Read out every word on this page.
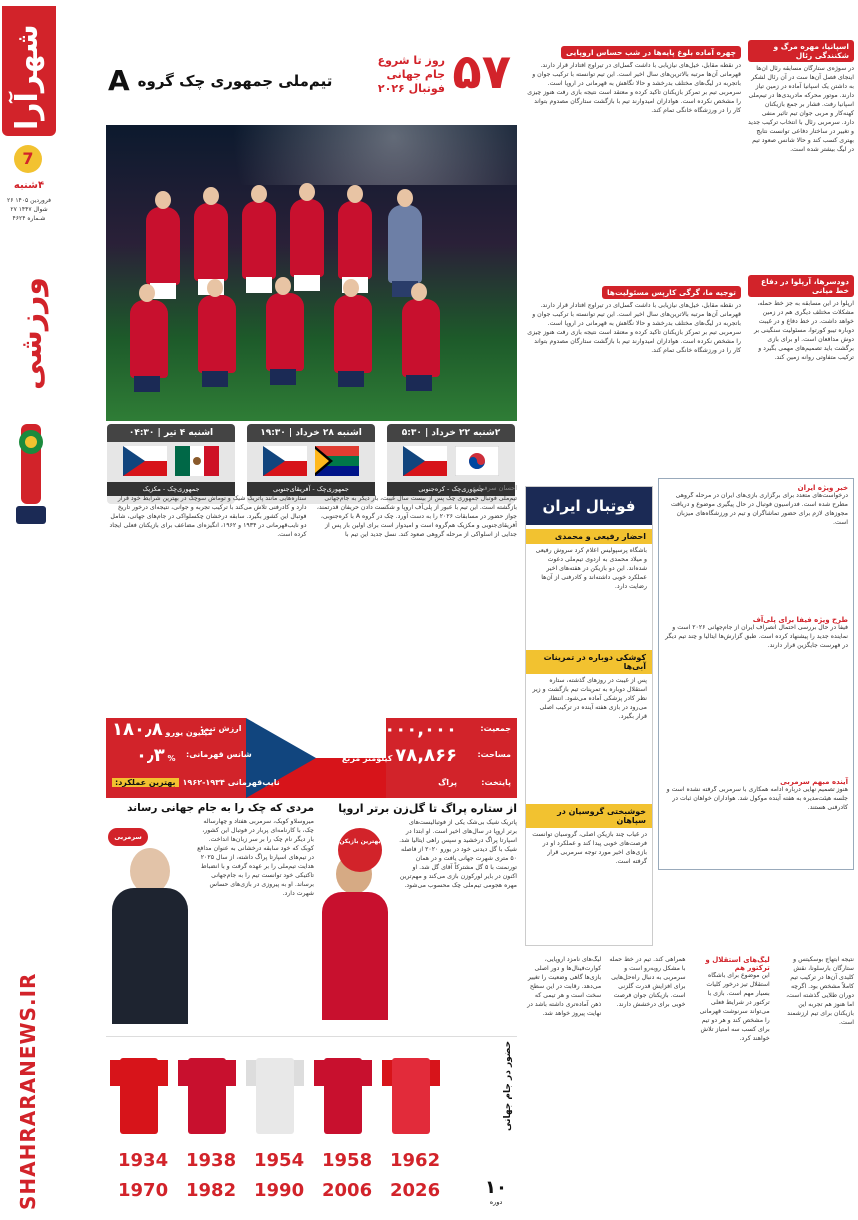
شهرآرا
7
۴شنبه
۲۶ فروردین ۱۴۰۵
۲۷ شوال ۱۴۴۷
شـماره ۴۶۲۴
ورزشی
SHAHRARANEWS.IR
۵۷
روز تا شروع
جام جهانی
فوتبال ۲۰۲۶
تیم‌ملی جمهوری چک گروه
A
۲شنبه ۲۲ خرداد | ۵:۳۰
جمهوری‌چک - کره‌جنوبی
اشنبه ۲۸ خرداد | ۱۹:۳۰
جمهوری‌چک - آفریقای‌جنوبی
اشنبه ۴ تیر | ۰۴:۳۰
جمهوری‌چک - مکزیک
اسپانیا، مهره مرگ و شکنندگی رئال
در سوژه‌ی ستارگان مسابقه رئال آن‌ها اینجای فصل آن‌ها ست در آن رئال لشکر به داشتن یک اسپانیا آماده در زمین تیاز دارند. موتور محرکه مادریدی‌ها در تیم‌ملی اسپانیا رفت. فشار بر جمع بازیکنان کهنه‌کار و مربی جوان تیم تاثیر منفی دارد. سرمربی رئال با انتخاب ترکیب جدید و تغییر در ساختار دفاعی توانست نتایج بهتری کسب کند و حالا شانس صعود تیم در لیگ بیشتر شده است.
دودسرها، آرپلوا در دفاع خط میانی
آرپلوا در این مسابقه به جز خط حمله، مشکلات مختلف دیگری هم در زمین خواهد داشت. در خط دفاع و در غیبت دوباره تیبو کورتوا، مسئولیت سنگینی بر دوش مدافعان است. او برای بازی برگشت باید تصمیم‌های مهمی بگیرد و ترکیب متفاوتی روانه زمین کند.
چهره آماده بلوغ پایه‌ها در شب حساس اروپایی
در نقطه مقابل، خیل‌های نیازیابی با داشت گسل‌ای در تیراوج افتادار قرار دارند. قهرمانی آن‌ها مرتبه بالاترین‌های سال اخیر است. این تیم توانسته با ترکیب جوان و باتجربه در لیگ‌های مختلف بدرخشد و حالا نگاهش به قهرمانی در اروپا است. سرمربی تیم بر تمرکز بازیکنان تاکید کرده و معتقد است نتیجه بازی رفت هنوز چیزی را مشخص نکرده است. هواداران امیدوارند تیم با بازگشت ستارگان مصدوم بتواند کار را در ورزشگاه خانگی تمام کند.
توجیه ما، گرگی کارپس مسئولیت‌ها
در نقطه مقابل، خیل‌های نیازیابی با داشت گسل‌ای در تیراوج افتادار قرار دارند. قهرمانی آن‌ها مرتبه بالاترین‌های سال اخیر است. این تیم توانسته با ترکیب جوان و باتجربه در لیگ‌های مختلف بدرخشد و حالا نگاهش به قهرمانی در اروپا است. سرمربی تیم بر تمرکز بازیکنان تاکید کرده و معتقد است نتیجه بازی رفت هنوز چیزی را مشخص نکرده است. هواداران امیدوارند تیم با بازگشت ستارگان مصدوم بتواند کار را در ورزشگاه خانگی تمام کند.
فوتبال ایران
احضار رفیعی و محمدی
باشگاه پرسپولیس اعلام کرد سروش رفیعی و میلاد محمدی به اردوی تیم‌ملی دعوت شده‌اند. این دو بازیکن در هفته‌های اخیر عملکرد خوبی داشته‌اند و کادرفنی از آن‌ها رضایت دارد.
کوشکی دوباره در تمرینات آبی‌ها
پس از غیبت در روزهای گذشته، ستاره استقلال دوباره به تمرینات تیم بازگشت و زیر نظر کادر پزشکی آماده می‌شود. انتظار می‌رود در بازی هفته آینده در ترکیب اصلی قرار بگیرد.
خوشبختی گروسیان در سپاهان
در غیاب چند بازیکن اصلی، گروسیان توانست فرصت‌های خوبی پیدا کند و عملکرد او در بازی‌های اخیر مورد توجه سرمربی قرار گرفته است.
خبر ویژه ایران
درخواست‌های متعدد برای برگزاری بازی‌های ایران در مرحله گروهی مطرح شده است. فدراسیون فوتبال در حال پیگیری موضوع و دریافت مجوزهای لازم برای حضور تماشاگران و تیم در ورزشگاه‌های میزبان است.
طرح ویژه فیفا برای پلی‌آف
فیفا در حال بررسی احتمال انصراف ایران از جام‌جهانی ۲۰۲۶ است و نماینده جدید را پیشنهاد کرده است. طبق گزارش‌ها ایتالیا و چند تیم دیگر در فهرست جایگزین قرار دارند.
آینده مبهم سرمربی
هنوز تصمیم نهایی درباره ادامه همکاری با سرمربی گرفته نشده است و جلسه هیئت‌مدیره به هفته آینده موکول شد. هواداران خواهان ثبات در کادرفنی هستند.
احسان سرفرازی
تیم‌ملی فوتبال جمهوری چک پس از بیست سال غیبت، بار دیگر به جام‌جهانی بازگشته است. این تیم با عبور از پلی‌آف اروپا و شکست دادن حریفان قدرتمند، جواز حضور در مسابقات ۲۰۲۶ را به دست آورد. چک در گروه A با کره‌جنوبی، آفریقای‌جنوبی و مکزیک هم‌گروه است و امیدوار است برای اولین بار پس از جدایی از اسلواکی از مرحله گروهی صعود کند. نسل جدید این تیم با ستاره‌هایی مانند پاتریک شیک و توماش سوچک در بهترین شرایط خود قرار دارد و کادرفنی تلاش می‌کند با ترکیب تجربه و جوانی، نتیجه‌ای درخور تاریخ فوتبال این کشور بگیرد. سابقه درخشان چکسلواکی در جام‌های جهانی، شامل دو نایب‌قهرمانی در ۱۹۳۴ و ۱۹۶۲، انگیزه‌ای مضاعف برای بازیکنان فعلی ایجاد کرده است.
جمعیت:
۱۱,۰۰۰,۰۰۰ نفر
مساحت:
۷۸,۸۶۶ کیلومتر مربع
پایتخت:
پراگ
ارزش تیم:
۱۸۰٫۸ میلیون یورو
شانس قهرمانی:
۰٫۳ %
نایب‌قهرمانی ۱۹۳۴-۱۹۶۲
بهترین عملکرد:
از ستاره پراگ تا گل‌زن برتر اروپا
پاتریک شیک بی‌شک یکی از فوتبالیست‌های برتر اروپا در سال‌های اخیر است. او ابتدا در اسپارتا پراگ درخشید و سپس راهی ایتالیا شد. شیک با گل دیدنی خود در یورو ۲۰۲۰ از فاصله ۵۰ متری شهرت جهانی یافت و در همان تورنمنت با ۵ گل مشترکاً آقای گل شد. او اکنون در بایر لورکوزن بازی می‌کند و مهم‌ترین مهره هجومی تیم‌ملی چک محسوب می‌شود.
بهترین بازیکن
مردی که چک را به جام جهانی رساند
میروسلاو کوبک، سرمربی هفتاد و چهارساله چک، با کارنامه‌ای پربار در فوتبال این کشور، بار دیگر نام چک را بر سر زبان‌ها انداخت. کوبک که خود سابقه درخشانی به عنوان مدافع در تیم‌های اسپارتا پراگ داشته، از سال ۲۰۲۵ هدایت تیم‌ملی را بر عهده گرفت و با انضباط تاکتیکی خود توانست تیم را به جام‌جهانی برساند. او به پیروزی در بازی‌های حساس شهرت دارد.
سرمربی
نتیجه ابتهاج بوسکیتس و ستارگان بارسلونا، نقش کلیدی آن‌ها در ترکیب تیم کاملاً مشخص بود. اگرچه دوران طلایی گذشته است، اما هنوز هم تجربه این بازیکنان برای تیم ارزشمند است.
لیگ‌های استقلال و ترکتور هم
این موضوع برای باشگاه استقلال تیز درخور کلیات بسیار مهم است. بازی با ترکتور در شرایط فعلی می‌تواند سرنوشت قهرمانی را مشخص کند و هر دو تیم برای کسب سه امتیاز تلاش خواهند کرد.
همراهی کند. تیم در خط حمله با مشکل روبه‌رو است و سرمربی به دنبال راه‌حل‌هایی برای افزایش قدرت گلزنی است. بازیکنان جوان فرصت خوبی برای درخشش دارند.
لیگ‌های نامزد اروپایی، کوارت‌فینال‌ها و دور اصلی بازی‌ها گاهی وضعیت را تغییر می‌دهد. رقابت در این سطح سخت است و هر تیمی که ذهن آماده‌تری داشته باشد در نهایت پیروز خواهد شد.
حضور در جام جهانی
۱۰
دوره
1934 1938 1954 1958 1962
1970 1982 1990 2006 2026
